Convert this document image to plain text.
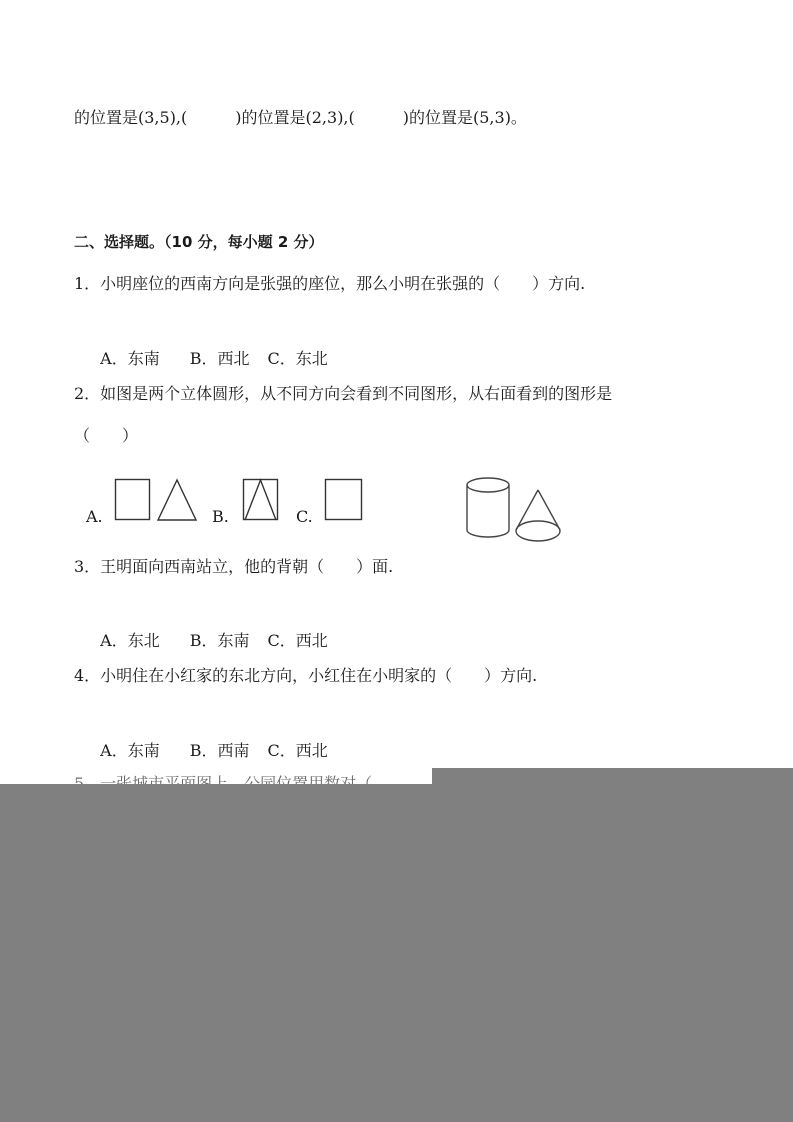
的位置是(3,5),(　　　)的位置是(2,3),(　　　)的位置是(5,3)。
二、选择题。（10 分，每小题 2 分）
1．小明座位的西南方向是张强的座位，那么小明在张强的（　　）方向.

A．东南 B．西北 C．东北

2．如图是两个立体圆形，从不同方向会看到不同图形，从右面看到的图形是
（　　）
A.	B.	C.
3．王明面向西南站立，他的背朝（　　）面.

A．东北 B．东南 C．西北

4．小明住在小红家的东北方向，小红住在小明家的（　　）方向.

A．东南 B．西南 C．西北
